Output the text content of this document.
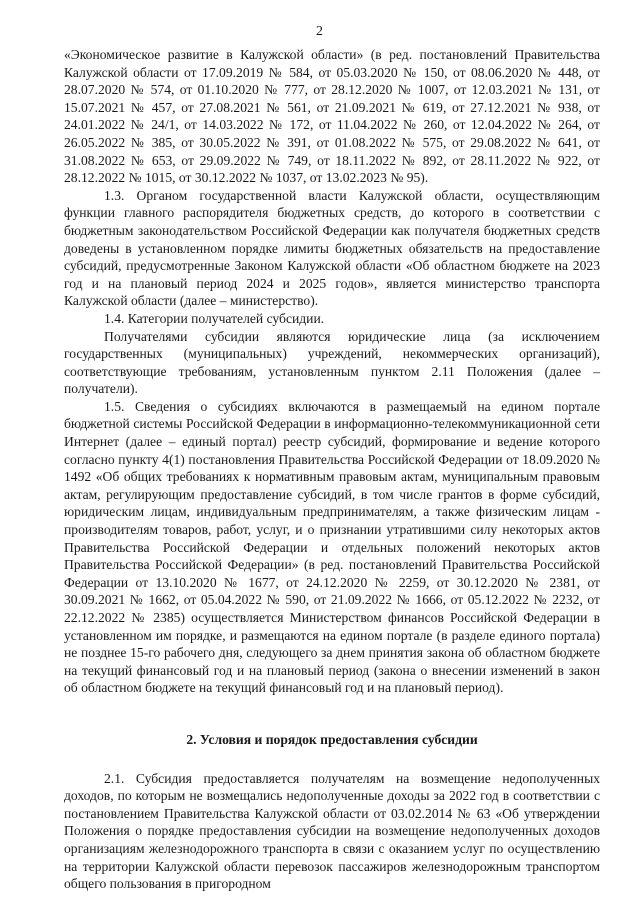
2

«Экономическое развитие в Калужской области» (в ред. постановлений Правительства Калужской области от 17.09.2019 № 584, от 05.03.2020 № 150, от 08.06.2020 № 448, от 28.07.2020 № 574, от 01.10.2020 № 777, от 28.12.2020 № 1007, от 12.03.2021 № 131, от 15.07.2021 № 457, от 27.08.2021 № 561, от 21.09.2021 № 619, от 27.12.2021 № 938, от 24.01.2022 № 24/1, от 14.03.2022 № 172, от 11.04.2022 № 260, от 12.04.2022 № 264, от 26.05.2022 № 385, от 30.05.2022 № 391, от 01.08.2022 № 575, от 29.08.2022 № 641, от 31.08.2022 № 653, от 29.09.2022 № 749, от 18.11.2022 № 892, от 28.11.2022 № 922, от 28.12.2022 № 1015, от 30.12.2022 № 1037, от 13.02.2023 № 95).

1.3. Органом государственной власти Калужской области, осуществляющим функции главного распорядителя бюджетных средств, до которого в соответствии с бюджетным законодательством Российской Федерации как получателя бюджетных средств доведены в установленном порядке лимиты бюджетных обязательств на предоставление субсидий, предусмотренные Законом Калужской области «Об областном бюджете на 2023 год и на плановый период 2024 и 2025 годов», является министерство транспорта Калужской области (далее – министерство).

1.4. Категории получателей субсидии.

Получателями субсидии являются юридические лица (за исключением государственных (муниципальных) учреждений, некоммерческих организаций), соответствующие требованиям, установленным пунктом 2.11 Положения (далее – получатели).

1.5. Сведения о субсидиях включаются в размещаемый на едином портале бюджетной системы Российской Федерации в информационно-телекоммуникационной сети Интернет (далее – единый портал) реестр субсидий, формирование и ведение которого согласно пункту 4(1) постановления Правительства Российской Федерации от 18.09.2020 № 1492 «Об общих требованиях к нормативным правовым актам, муниципальным правовым актам, регулирующим предоставление субсидий, в том числе грантов в форме субсидий, юридическим лицам, индивидуальным предпринимателям, а также физическим лицам - производителям товаров, работ, услуг, и о признании утратившими силу некоторых актов Правительства Российской Федерации и отдельных положений некоторых актов Правительства Российской Федерации» (в ред. постановлений Правительства Российской Федерации от 13.10.2020 № 1677, от 24.12.2020 № 2259, от 30.12.2020 № 2381, от 30.09.2021 № 1662, от 05.04.2022 № 590, от 21.09.2022 № 1666, от 05.12.2022 № 2232, от 22.12.2022 № 2385) осуществляется Министерством финансов Российской Федерации в установленном им порядке, и размещаются на едином портале (в разделе единого портала) не позднее 15-го рабочего дня, следующего за днем принятия закона об областном бюджете на текущий финансовый год и на плановый период (закона о внесении изменений в закон об областном бюджете на текущий финансовый год и на плановый период).

2. Условия и порядок предоставления субсидии

2.1. Субсидия предоставляется получателям на возмещение недополученных доходов, по которым не возмещались недополученные доходы за 2022 год в соответствии с постановлением Правительства Калужской области от 03.02.2014 № 63 «Об утверждении Положения о порядке предоставления субсидии на возмещение недополученных доходов организациям железнодорожного транспорта в связи с оказанием услуг по осуществлению на территории Калужской области перевозок пассажиров железнодорожным транспортом общего пользования в пригородном
